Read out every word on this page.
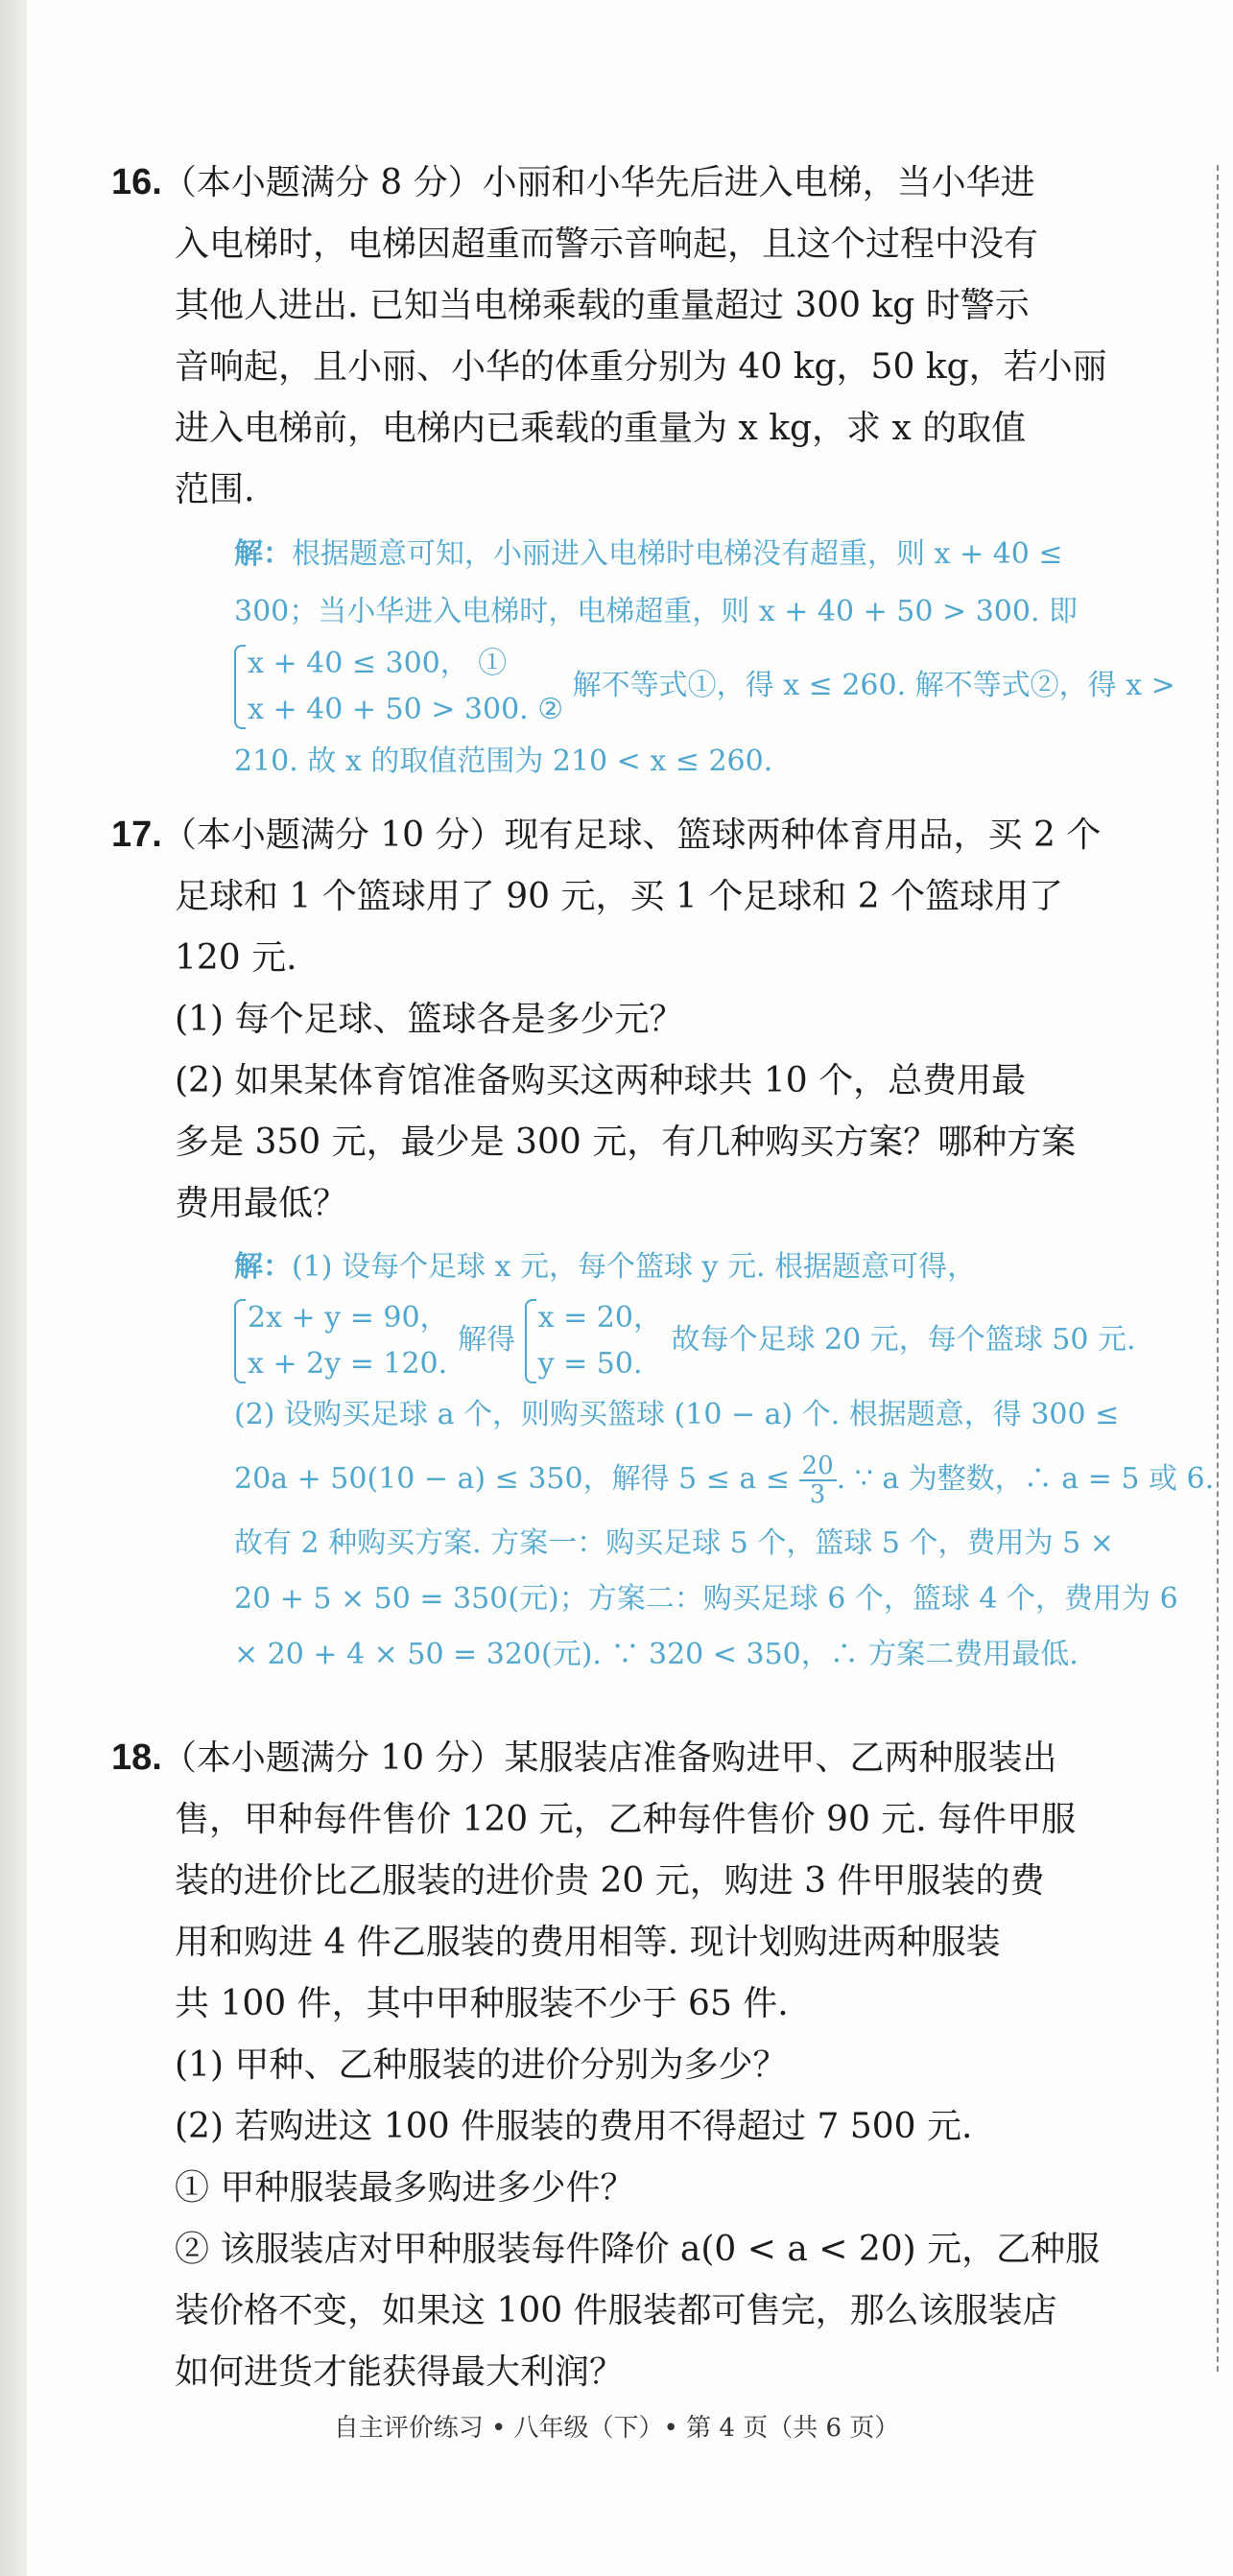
16.（本小题满分 8 分）小丽和小华先后进入电梯，当小华进
入电梯时，电梯因超重而警示音响起，且这个过程中没有
其他人进出. 已知当电梯乘载的重量超过 300 kg 时警示
音响起，且小丽、小华的体重分别为 40 kg，50 kg，若小丽
进入电梯前，电梯内已乘载的重量为 x kg，求 x 的取值
范围.
解：根据题意可知，小丽进入电梯时电梯没有超重，则 x + 40 ≤
300；当小华进入电梯时，电梯超重，则 x + 40 + 50 > 300. 即
x + 40 ≤ 300， ①
x + 40 + 50 > 300. ②
解不等式①，得 x ≤ 260. 解不等式②，得 x >
210. 故 x 的取值范围为 210 < x ≤ 260.
17.（本小题满分 10 分）现有足球、篮球两种体育用品，买 2 个
足球和 1 个篮球用了 90 元，买 1 个足球和 2 个篮球用了
120 元.
(1) 每个足球、篮球各是多少元？
(2) 如果某体育馆准备购买这两种球共 10 个，总费用最
多是 350 元，最少是 300 元，有几种购买方案？哪种方案
费用最低？
解：(1) 设每个足球 x 元，每个篮球 y 元. 根据题意可得，
2x + y = 90，
x + 2y = 120.
解得
x = 20，
y = 50.
故每个足球 20 元，每个篮球 50 元.
(2) 设购买足球 a 个，则购买篮球 (10 − a) 个. 根据题意，得 300 ≤
20a + 50(10 − a) ≤ 350，解得 $5 \le a \le \frac{20}{3}$ . ∵ a 为整数，∴ a = 5 或 6.
故有 2 种购买方案. 方案一：购买足球 5 个，篮球 5 个，费用为 5 ×
20 + 5 × 50 = 350(元)；方案二：购买足球 6 个，篮球 4 个，费用为 6
× 20 + 4 × 50 = 320(元). ∵ 320 < 350，∴ 方案二费用最低.
18.（本小题满分 10 分）某服装店准备购进甲、乙两种服装出
售，甲种每件售价 120 元，乙种每件售价 90 元. 每件甲服
装的进价比乙服装的进价贵 20 元，购进 3 件甲服装的费
用和购进 4 件乙服装的费用相等. 现计划购进两种服装
共 100 件，其中甲种服装不少于 65 件.
(1) 甲种、乙种服装的进价分别为多少？
(2) 若购进这 100 件服装的费用不得超过 7 500 元.
① 甲种服装最多购进多少件？
② 该服装店对甲种服装每件降价 a(0 < a < 20) 元，乙种服
装价格不变，如果这 100 件服装都可售完，那么该服装店
如何进货才能获得最大利润？
自主评价练习 • 八年级（下）• 第 4 页（共 6 页）
